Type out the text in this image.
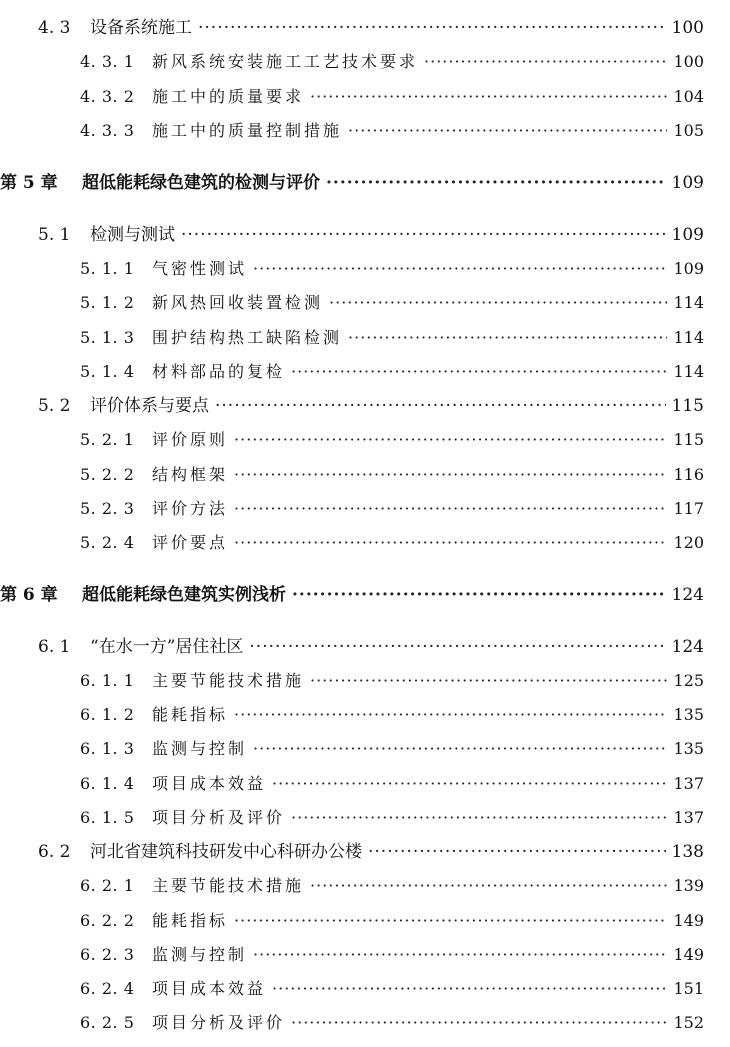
4. 3	设备系统施工 ·····	100
4. 3. 1	新风系统安装施工工艺技术要求 ·····	100
4. 3. 2	施工中的质量要求 ·····	104
4. 3. 3	施工中的质量控制措施 ·····	105
第 5 章	超低能耗绿色建筑的检测与评价 ·····	109
5. 1	检测与测试 ·····	109
5. 1. 1	气密性测试 ·····	109
5. 1. 2	新风热回收装置检测 ·····	114
5. 1. 3	围护结构热工缺陷检测 ·····	114
5. 1. 4	材料部品的复检 ·····	114
5. 2	评价体系与要点 ·····	115
5. 2. 1	评价原则 ·····	115
5. 2. 2	结构框架 ·····	116
5. 2. 3	评价方法 ·····	117
5. 2. 4	评价要点 ·····	120
第 6 章	超低能耗绿色建筑实例浅析 ·····	124
6. 1	“在水一方”居住社区 ·····	124
6. 1. 1	主要节能技术措施 ·····	125
6. 1. 2	能耗指标 ·····	135
6. 1. 3	监测与控制 ·····	135
6. 1. 4	项目成本效益 ·····	137
6. 1. 5	项目分析及评价 ·····	137
6. 2	河北省建筑科技研发中心科研办公楼 ·····	138
6. 2. 1	主要节能技术措施 ·····	139
6. 2. 2	能耗指标 ·····	149
6. 2. 3	监测与控制 ·····	149
6. 2. 4	项目成本效益 ·····	151
6. 2. 5	项目分析及评价 ·····	152
